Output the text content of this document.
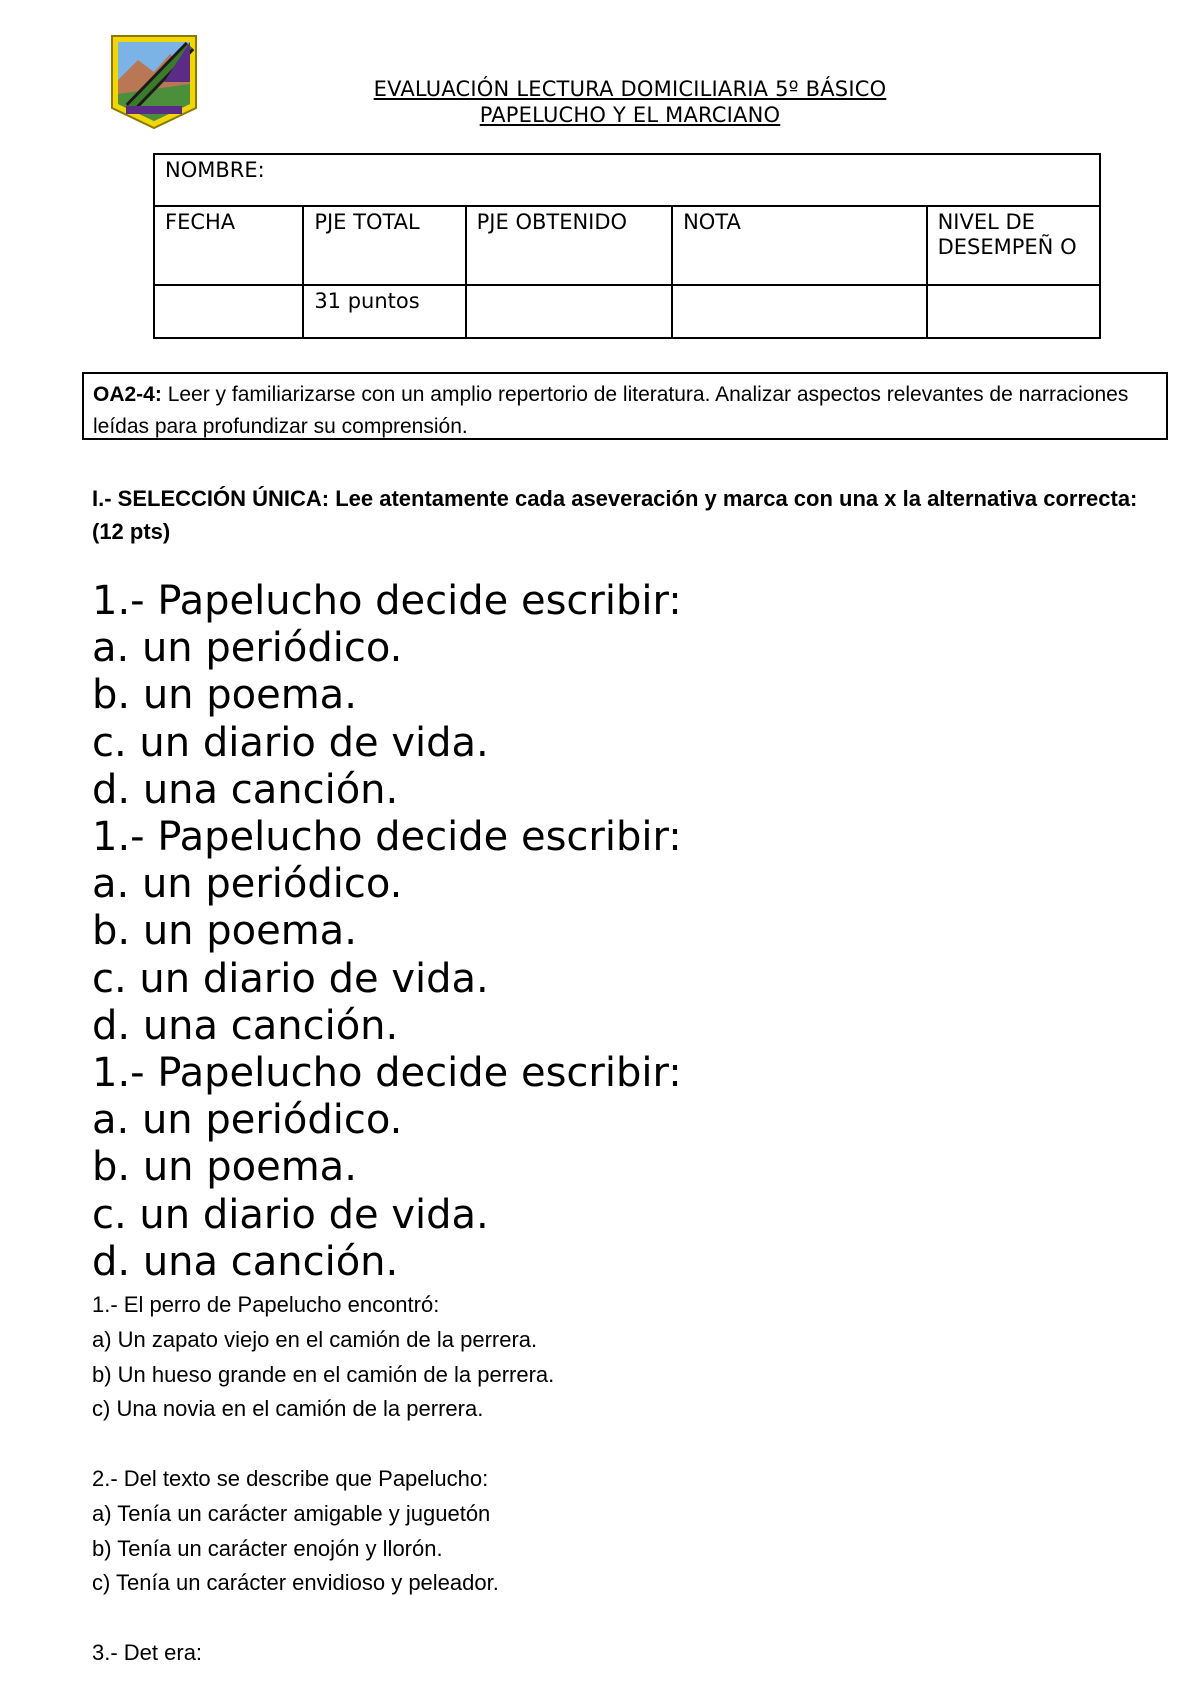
EVALUACIÓN LECTURA DOMICILIARIA 5º BÁSICO
PAPELUCHO Y EL MARCIANO
NOMBRE:				
FECHA	PJE TOTAL	PJE OBTENIDO	NOTA	NIVEL DE DESEMPEÑ O
	31 puntos			
OA2-4: Leer y familiarizarse con un amplio repertorio de literatura. Analizar aspectos relevantes de narraciones leídas para profundizar su comprensión.
I.- SELECCIÓN ÚNICA: Lee atentamente cada aseveración y marca con una x la alternativa correcta: (12 pts)
1.- Papelucho decide escribir:
a. un periódico.
b. un poema.
c. un diario de vida.
d. una canción.
1.- Papelucho decide escribir:
a. un periódico.
b. un poema.
c. un diario de vida.
d. una canción.
1.- Papelucho decide escribir:
a. un periódico.
b. un poema.
c. un diario de vida.
d. una canción.
1.- El perro de Papelucho encontró:
a) Un zapato viejo en el camión de la perrera.
b) Un hueso grande en el camión de la perrera.
c) Una novia en el camión de la perrera.
2.- Del texto se describe que Papelucho:
a) Tenía un carácter amigable y juguetón
b) Tenía un carácter enojón y llorón.
c) Tenía un carácter envidioso y peleador.
3.- Det era:
